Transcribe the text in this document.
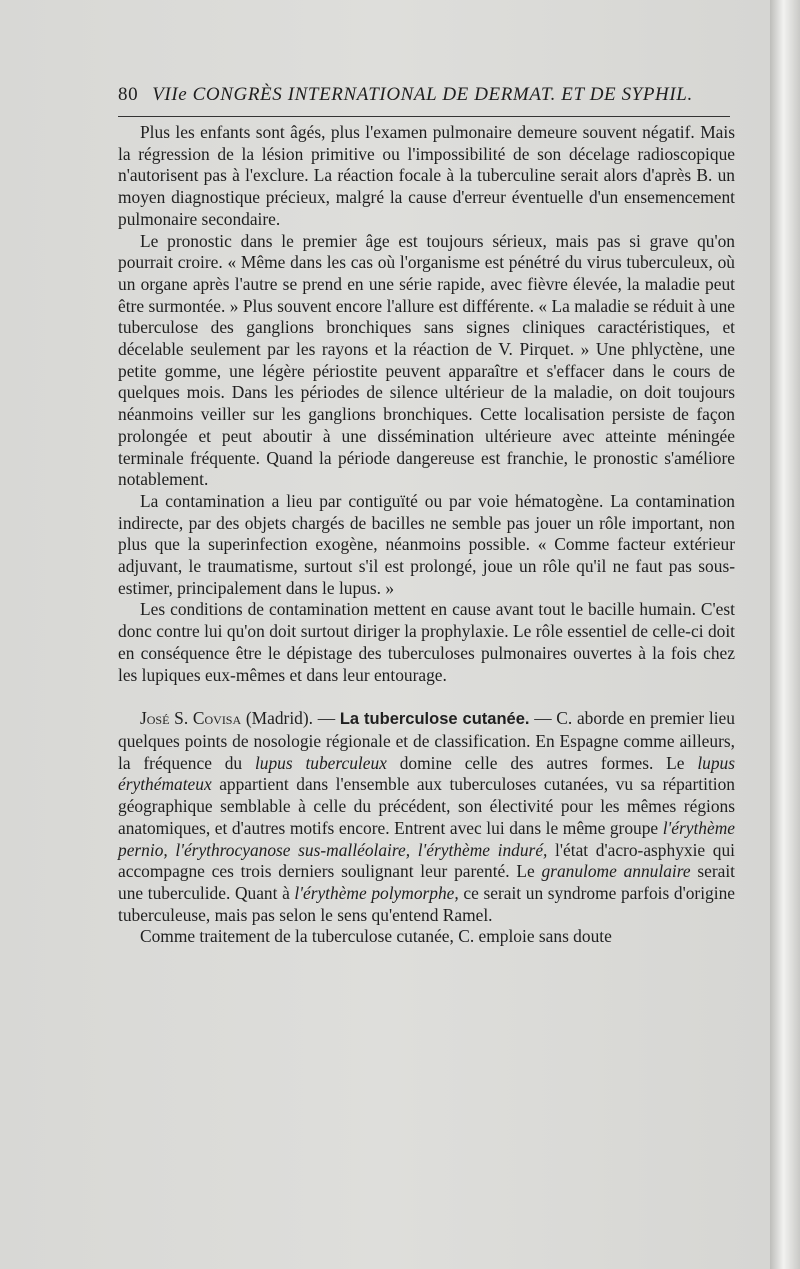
80 VIIe CONGRÈS INTERNATIONAL DE DERMAT. ET DE SYPHIL.

Plus les enfants sont âgés, plus l'examen pulmonaire demeure souvent négatif. Mais la régression de la lésion primitive ou l'impossibilité de son décelage radioscopique n'autorisent pas à l'exclure. La réaction focale à la tuberculine serait alors d'après B. un moyen diagnostique précieux, malgré la cause d'erreur éventuelle d'un ensemencement pulmonaire secondaire.

Le pronostic dans le premier âge est toujours sérieux, mais pas si grave qu'on pourrait croire. « Même dans les cas où l'organisme est pénétré du virus tuberculeux, où un organe après l'autre se prend en une série rapide, avec fièvre élevée, la maladie peut être surmontée. » Plus souvent encore l'allure est différente. « La maladie se réduit à une tuberculose des ganglions bronchiques sans signes cliniques caractéristiques, et décelable seulement par les rayons et la réaction de V. Pirquet. » Une phlyctène, une petite gomme, une légère périostite peuvent apparaître et s'effacer dans le cours de quelques mois. Dans les périodes de silence ultérieur de la maladie, on doit toujours néanmoins veiller sur les ganglions bronchiques. Cette localisation persiste de façon prolongée et peut aboutir à une dissémination ultérieure avec atteinte méningée terminale fréquente. Quand la période dangereuse est franchie, le pronostic s'améliore notablement.

La contamination a lieu par contiguïté ou par voie hématogène. La contamination indirecte, par des objets chargés de bacilles ne semble pas jouer un rôle important, non plus que la superinfection exogène, néanmoins possible. « Comme facteur extérieur adjuvant, le traumatisme, surtout s'il est prolongé, joue un rôle qu'il ne faut pas sous-estimer, principalement dans le lupus. »

Les conditions de contamination mettent en cause avant tout le bacille humain. C'est donc contre lui qu'on doit surtout diriger la prophylaxie. Le rôle essentiel de celle-ci doit en conséquence être le dépistage des tuberculoses pulmonaires ouvertes à la fois chez les lupiques eux-mêmes et dans leur entourage.

José S. Covisa (Madrid). — La tuberculose cutanée. — C. aborde en premier lieu quelques points de nosologie régionale et de classification. En Espagne comme ailleurs, la fréquence du lupus tuberculeux domine celle des autres formes. Le lupus érythémateux appartient dans l'ensemble aux tuberculoses cutanées, vu sa répartition géographique semblable à celle du précédent, son électivité pour les mêmes régions anatomiques, et d'autres motifs encore. Entrent avec lui dans le même groupe l'érythème pernio, l'érythrocyanose sus-malléolaire, l'érythème induré, l'état d'acro-asphyxie qui accompagne ces trois derniers soulignant leur parenté. Le granulome annulaire serait une tuberculide. Quant à l'érythème polymorphe, ce serait un syndrome parfois d'origine tuberculeuse, mais pas selon le sens qu'entend Ramel.

Comme traitement de la tuberculose cutanée, C. emploie sans doute
